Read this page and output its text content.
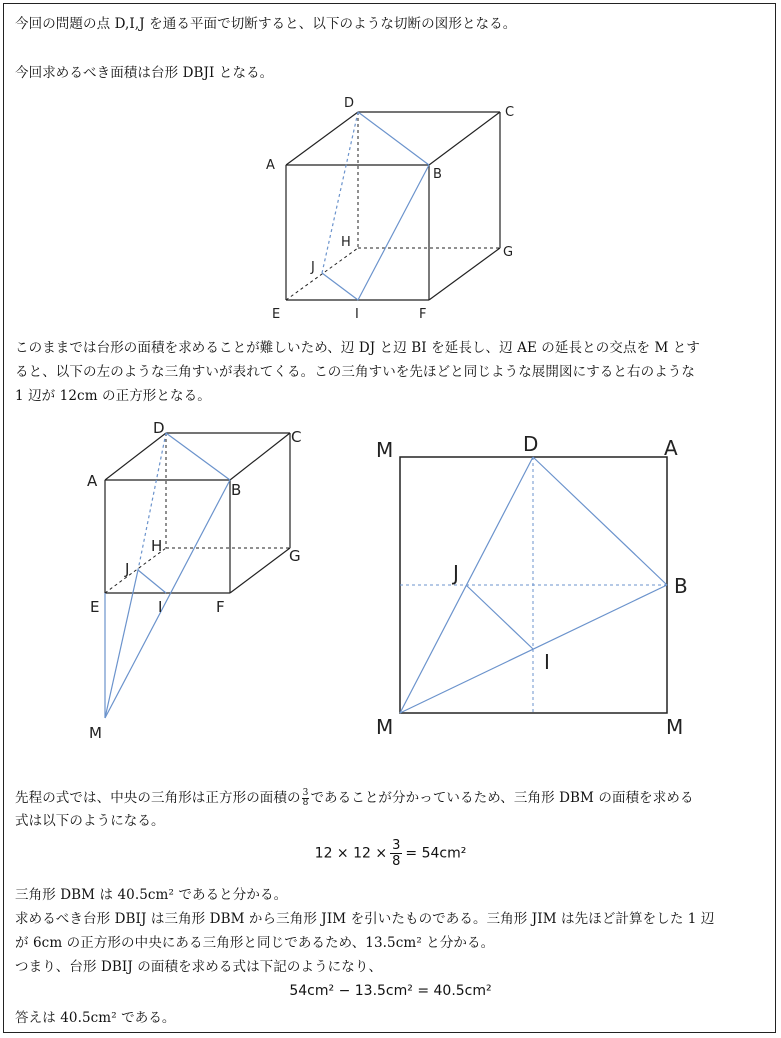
今回の問題の点 D,I,J を通る平面で切断すると、以下のような切断の図形となる。
今回求めるべき面積は台形 DBJI となる。
D
C
A
B
H
G
J
E	I	F
このままでは台形の面積を求めることが難しいため、辺 DJ と辺 BI を延長し、辺 AE の延長との交点を M とす
ると、以下の左のような三角すいが表れてくる。この三角すいを先ほどと同じような展開図にすると右のような
1 辺が 12cm の正方形となる。
D	C
A	B
H
G
J
E	I	F
M
M	D	A
J
B
I
M	M
先程の式では、中央の三角形は正方形の面積の $\frac{3}{8}$ であることが分かっているため、三角形 DBM の面積を求める
式は以下のようになる。
$12 \times 12 \times \frac{3}{8} = 54cm^2$
三角形 DBM は 40.5cm² であると分かる。
求めるべき台形 DBIJ は三角形 DBM から三角形 JIM を引いたものである。三角形 JIM は先ほど計算をした 1 辺
が 6cm の正方形の中央にある三角形と同じであるため、13.5cm² と分かる。
つまり、台形 DBIJ の面積を求める式は下記のようになり、
54cm² − 13.5cm² = 40.5cm²
答えは 40.5cm² である。
